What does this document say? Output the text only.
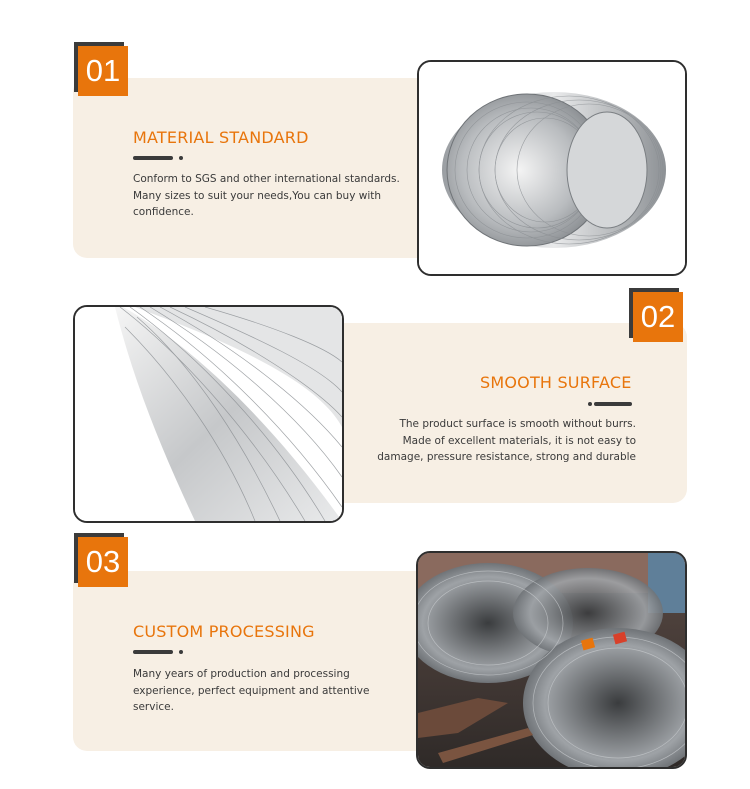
01
MATERIAL STANDARD
Conform to SGS and other international standards.
Many sizes to suit your needs,You can buy with
confidence.
02
SMOOTH SURFACE
The product surface is smooth without burrs.
Made of excellent materials, it is not easy to
damage, pressure resistance, strong and durable
03
CUSTOM PROCESSING
Many years of production and processing
experience, perfect equipment and attentive
service.
